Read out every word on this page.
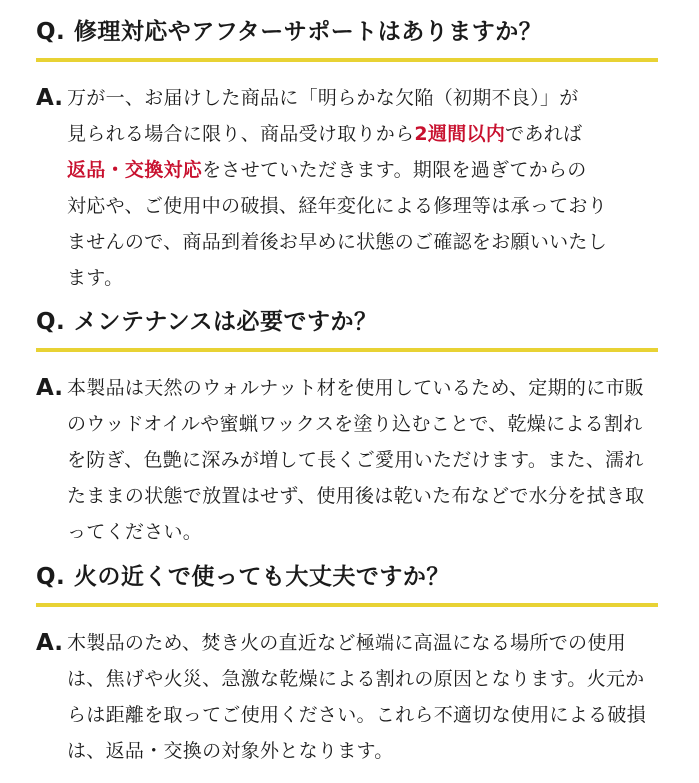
Q. 修理対応やアフターサポートはありますか？
A. 万が一、お届けした商品に「明らかな欠陥（初期不良）」が
見られる場合に限り、商品受け取りから2週間以内であれば
返品・交換対応をさせていただきます。期限を過ぎてからの
対応や、ご使用中の破損、経年変化による修理等は承っており
ませんので、商品到着後お早めに状態のご確認をお願いいたし
ます。
Q. メンテナンスは必要ですか？
A. 本製品は天然のウォルナット材を使用しているため、定期的に市販のウッドオイルや蜜蝋ワックスを塗り込むことで、乾燥による割れを防ぎ、色艶に深みが増して長くご愛用いただけます。また、濡れたままの状態で放置はせず、使用後は乾いた布などで水分を拭き取ってください。
Q. 火の近くで使っても大丈夫ですか？
A. 木製品のため、焚き火の直近など極端に高温になる場所での使用は、焦げや火災、急激な乾燥による割れの原因となります。火元からは距離を取ってご使用ください。これら不適切な使用による破損は、返品・交換の対象外となります。
